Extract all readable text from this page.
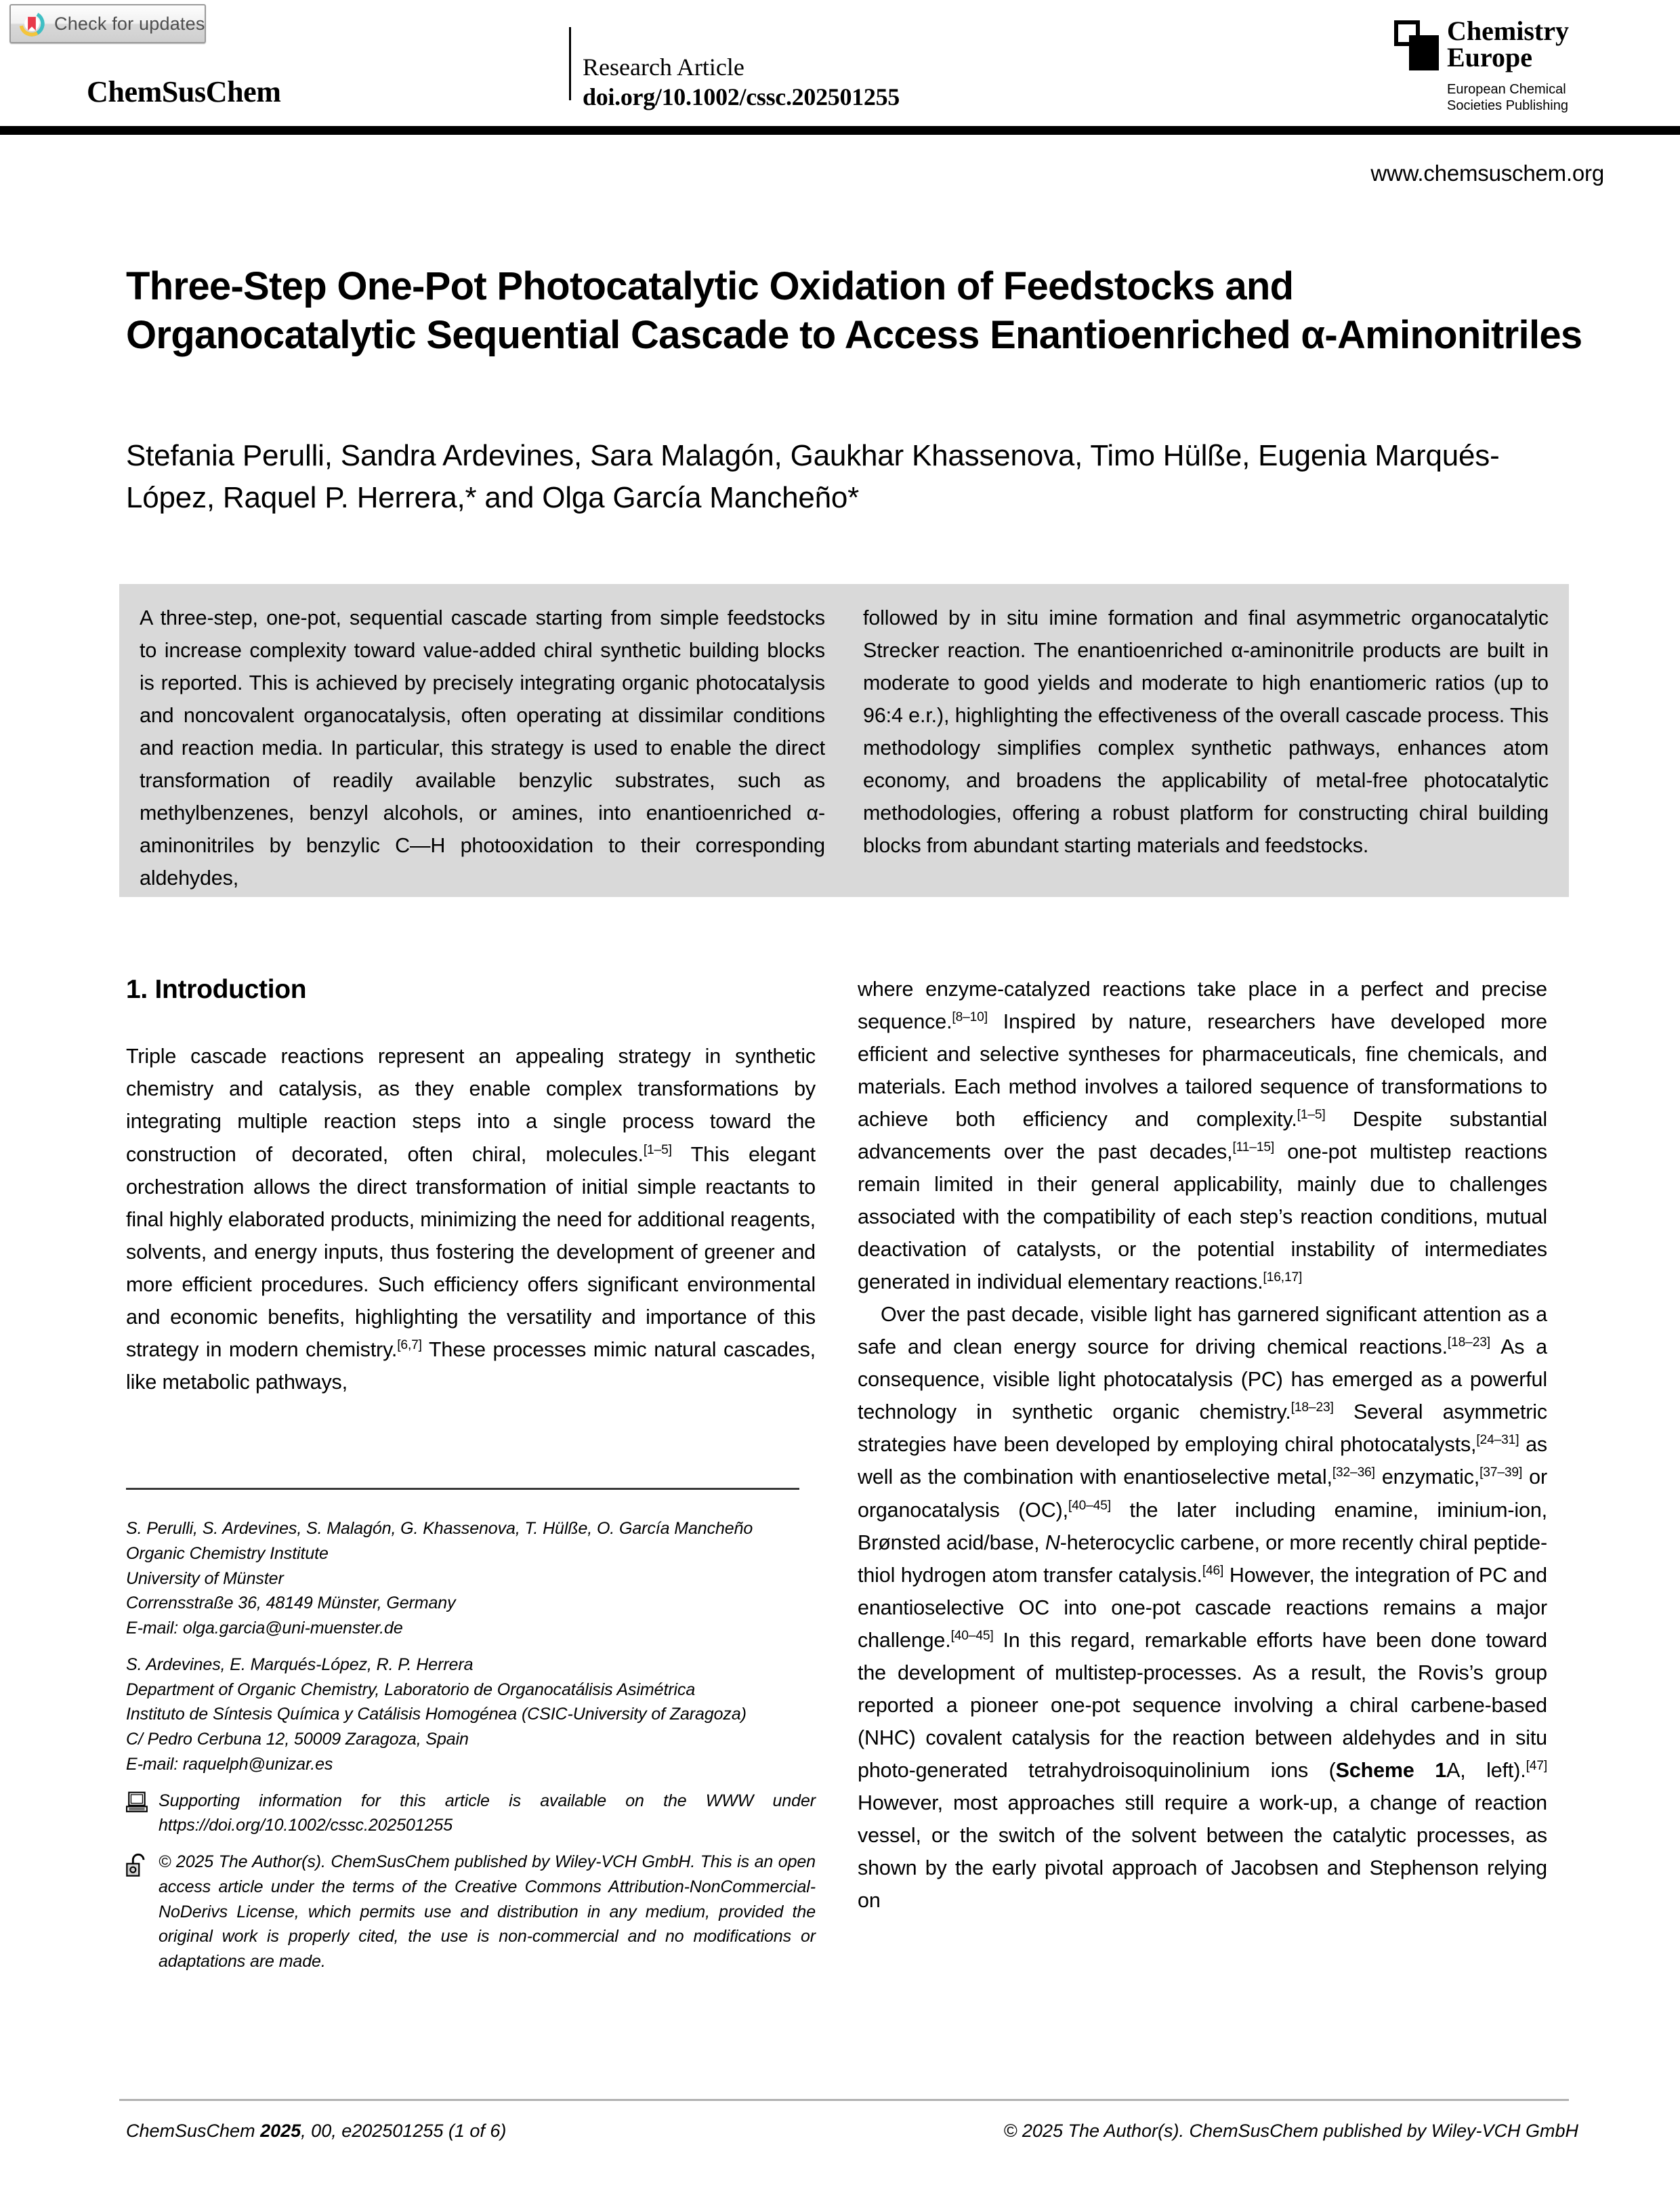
Check for updates
ChemSusChem
Research Article
doi.org/10.1002/cssc.202501255
Chemistry
Europe
European Chemical
Societies Publishing
www.chemsuschem.org
Three-Step One-Pot Photocatalytic Oxidation of Feedstocks and Organocatalytic Sequential Cascade to Access Enantioenriched α-Aminonitriles
Stefania Perulli, Sandra Ardevines, Sara Malagón, Gaukhar Khassenova, Timo Hülße, Eugenia Marqués-López, Raquel P. Herrera,* and Olga García Mancheño*
A three-step, one-pot, sequential cascade starting from simple feedstocks to increase complexity toward value-added chiral synthetic building blocks is reported. This is achieved by precisely integrating organic photocatalysis and noncovalent organocatalysis, often operating at dissimilar conditions and reaction media. In particular, this strategy is used to enable the direct transformation of readily available benzylic substrates, such as methylbenzenes, benzyl alcohols, or amines, into enantioenriched α-aminonitriles by benzylic C—H photooxidation to their corresponding aldehydes,
followed by in situ imine formation and final asymmetric organocatalytic Strecker reaction. The enantioenriched α-aminonitrile products are built in moderate to good yields and moderate to high enantiomeric ratios (up to 96:4 e.r.), highlighting the effectiveness of the overall cascade process. This methodology simplifies complex synthetic pathways, enhances atom economy, and broadens the applicability of metal-free photocatalytic methodologies, offering a robust platform for constructing chiral building blocks from abundant starting materials and feedstocks.
1. Introduction

Triple cascade reactions represent an appealing strategy in synthetic chemistry and catalysis, as they enable complex transformations by integrating multiple reaction steps into a single process toward the construction of decorated, often chiral, molecules.[1–5] This elegant orchestration allows the direct transformation of initial simple reactants to final highly elaborated products, minimizing the need for additional reagents, solvents, and energy inputs, thus fostering the development of greener and more efficient procedures. Such efficiency offers significant environmental and economic benefits, highlighting the versatility and importance of this strategy in modern chemistry.[6,7] These processes mimic natural cascades, like metabolic pathways,

S. Perulli, S. Ardevines, S. Malagón, G. Khassenova, T. Hülße, O. García Mancheño
Organic Chemistry Institute
University of Münster
Corrensstraße 36, 48149 Münster, Germany
E-mail: olga.garcia@uni-muenster.de
S. Ardevines, E. Marqués-López, R. P. Herrera
Department of Organic Chemistry, Laboratorio de Organocatálisis Asimétrica
Instituto de Síntesis Química y Catálisis Homogénea (CSIC-University of Zaragoza)
C/ Pedro Cerbuna 12, 50009 Zaragoza, Spain
E-mail: raquelph@unizar.es
Supporting information for this article is available on the WWW under https://doi.org/10.1002/cssc.202501255
© 2025 The Author(s). ChemSusChem published by Wiley-VCH GmbH. This is an open access article under the terms of the Creative Commons Attribution-NonCommercial-NoDerivs License, which permits use and distribution in any medium, provided the original work is properly cited, the use is non-commercial and no modifications or adaptations are made.

where enzyme-catalyzed reactions take place in a perfect and precise sequence.[8–10] Inspired by nature, researchers have developed more efficient and selective syntheses for pharmaceuticals, fine chemicals, and materials. Each method involves a tailored sequence of transformations to achieve both efficiency and complexity.[1–5] Despite substantial advancements over the past decades,[11–15] one-pot multistep reactions remain limited in their general applicability, mainly due to challenges associated with the compatibility of each step’s reaction conditions, mutual deactivation of catalysts, or the potential instability of intermediates generated in individual elementary reactions.[16,17]

Over the past decade, visible light has garnered significant attention as a safe and clean energy source for driving chemical reactions.[18–23] As a consequence, visible light photocatalysis (PC) has emerged as a powerful technology in synthetic organic chemistry.[18–23] Several asymmetric strategies have been developed by employing chiral photocatalysts,[24–31] as well as the combination with enantioselective metal,[32–36] enzymatic,[37–39] or organocatalysis (OC),[40–45] the later including enamine, iminium-ion, Brønsted acid/base, N-heterocyclic carbene, or more recently chiral peptide-thiol hydrogen atom transfer catalysis.[46] However, the integration of PC and enantioselective OC into one-pot cascade reactions remains a major challenge.[40–45] In this regard, remarkable efforts have been done toward the development of multistep-processes. As a result, the Rovis’s group reported a pioneer one-pot sequence involving a chiral carbene-based (NHC) covalent catalysis for the reaction between aldehydes and in situ photo-generated tetrahydroisoquinolinium ions (Scheme 1A, left).[47] However, most approaches still require a work-up, a change of reaction vessel, or the switch of the solvent between the catalytic processes, as shown by the early pivotal approach of Jacobsen and Stephenson relying on

ChemSusChem 2025, 00, e202501255 (1 of 6)	© 2025 The Author(s). ChemSusChem published by Wiley-VCH GmbH
